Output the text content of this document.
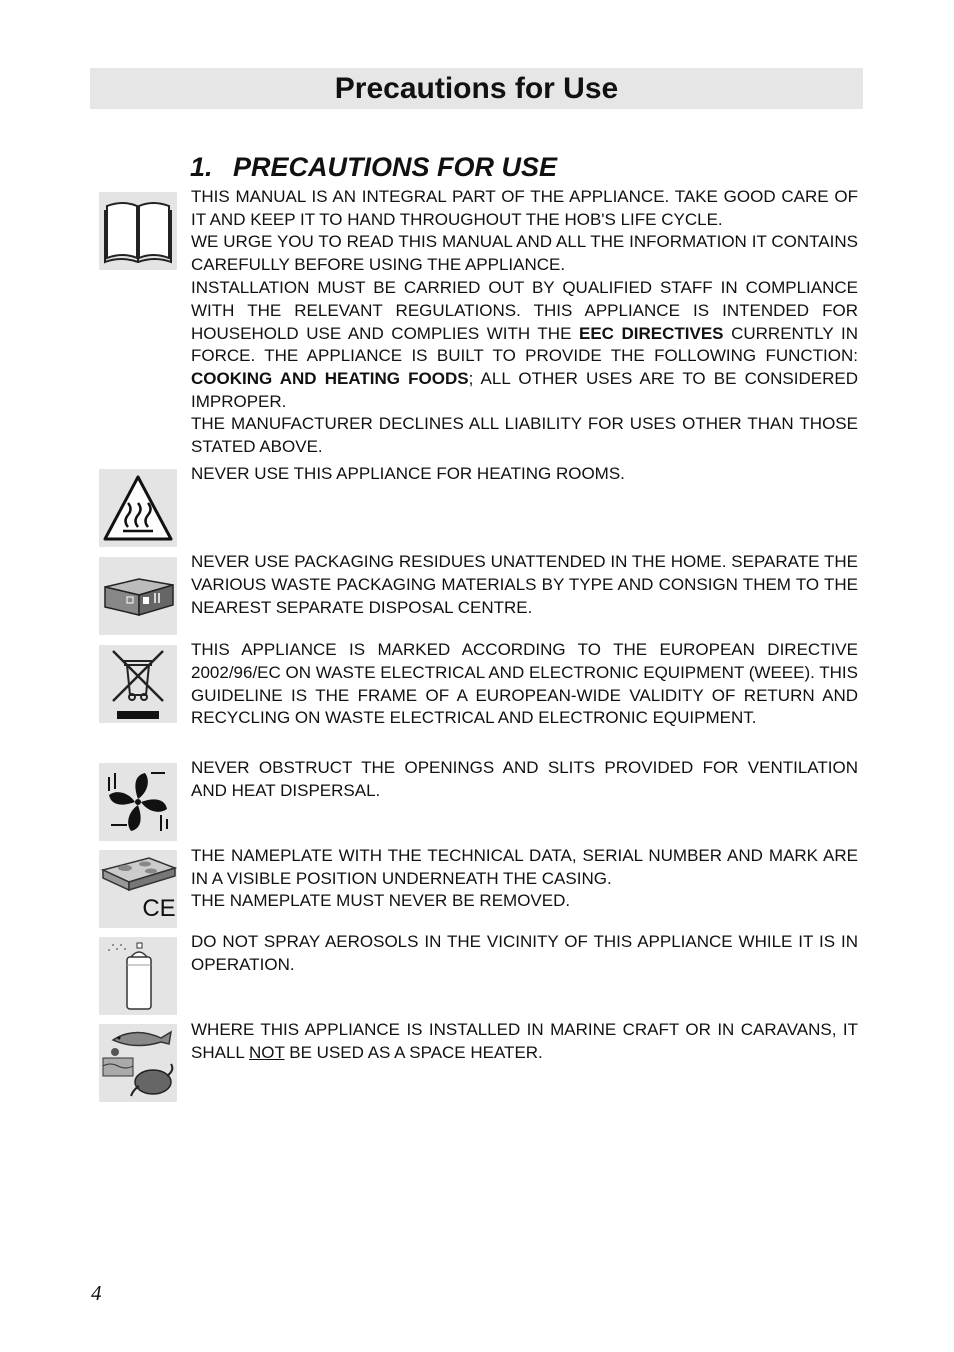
Precautions for Use
1. PRECAUTIONS FOR USE
CE

THIS MANUAL IS AN INTEGRAL PART OF THE APPLIANCE. TAKE GOOD CARE OF IT AND KEEP IT TO HAND THROUGHOUT THE HOB'S LIFE CYCLE.

WE URGE YOU TO READ THIS MANUAL AND ALL THE INFORMATION IT CONTAINS CAREFULLY BEFORE USING THE APPLIANCE.

INSTALLATION MUST BE CARRIED OUT BY QUALIFIED STAFF IN COMPLIANCE WITH THE RELEVANT REGULATIONS. THIS APPLIANCE IS INTENDED FOR HOUSEHOLD USE AND COMPLIES WITH THE EEC DIRECTIVES CURRENTLY IN FORCE. THE APPLIANCE IS BUILT TO PROVIDE THE FOLLOWING FUNCTION: COOKING AND HEATING FOODS; ALL OTHER USES ARE TO BE CONSIDERED IMPROPER.

THE MANUFACTURER DECLINES ALL LIABILITY FOR USES OTHER THAN THOSE STATED ABOVE.

NEVER USE THIS APPLIANCE FOR HEATING ROOMS.

NEVER USE PACKAGING RESIDUES UNATTENDED IN THE HOME. SEPARATE THE VARIOUS WASTE PACKAGING MATERIALS BY TYPE AND CONSIGN THEM TO THE NEAREST SEPARATE DISPOSAL CENTRE.

THIS APPLIANCE IS MARKED ACCORDING TO THE EUROPEAN DIRECTIVE 2002/96/EC ON WASTE ELECTRICAL AND ELECTRONIC EQUIPMENT (WEEE). THIS GUIDELINE IS THE FRAME OF A EUROPEAN-WIDE VALIDITY OF RETURN AND RECYCLING ON WASTE ELECTRICAL AND ELECTRONIC EQUIPMENT.

NEVER OBSTRUCT THE OPENINGS AND SLITS PROVIDED FOR VENTILATION AND HEAT DISPERSAL.

THE NAMEPLATE WITH THE TECHNICAL DATA, SERIAL NUMBER AND MARK ARE IN A VISIBLE POSITION UNDERNEATH THE CASING.

THE NAMEPLATE MUST NEVER BE REMOVED.

DO NOT SPRAY AEROSOLS IN THE VICINITY OF THIS APPLIANCE WHILE IT IS IN OPERATION.

WHERE THIS APPLIANCE IS INSTALLED IN MARINE CRAFT OR IN CARAVANS, IT SHALL NOT BE USED AS A SPACE HEATER.

4
